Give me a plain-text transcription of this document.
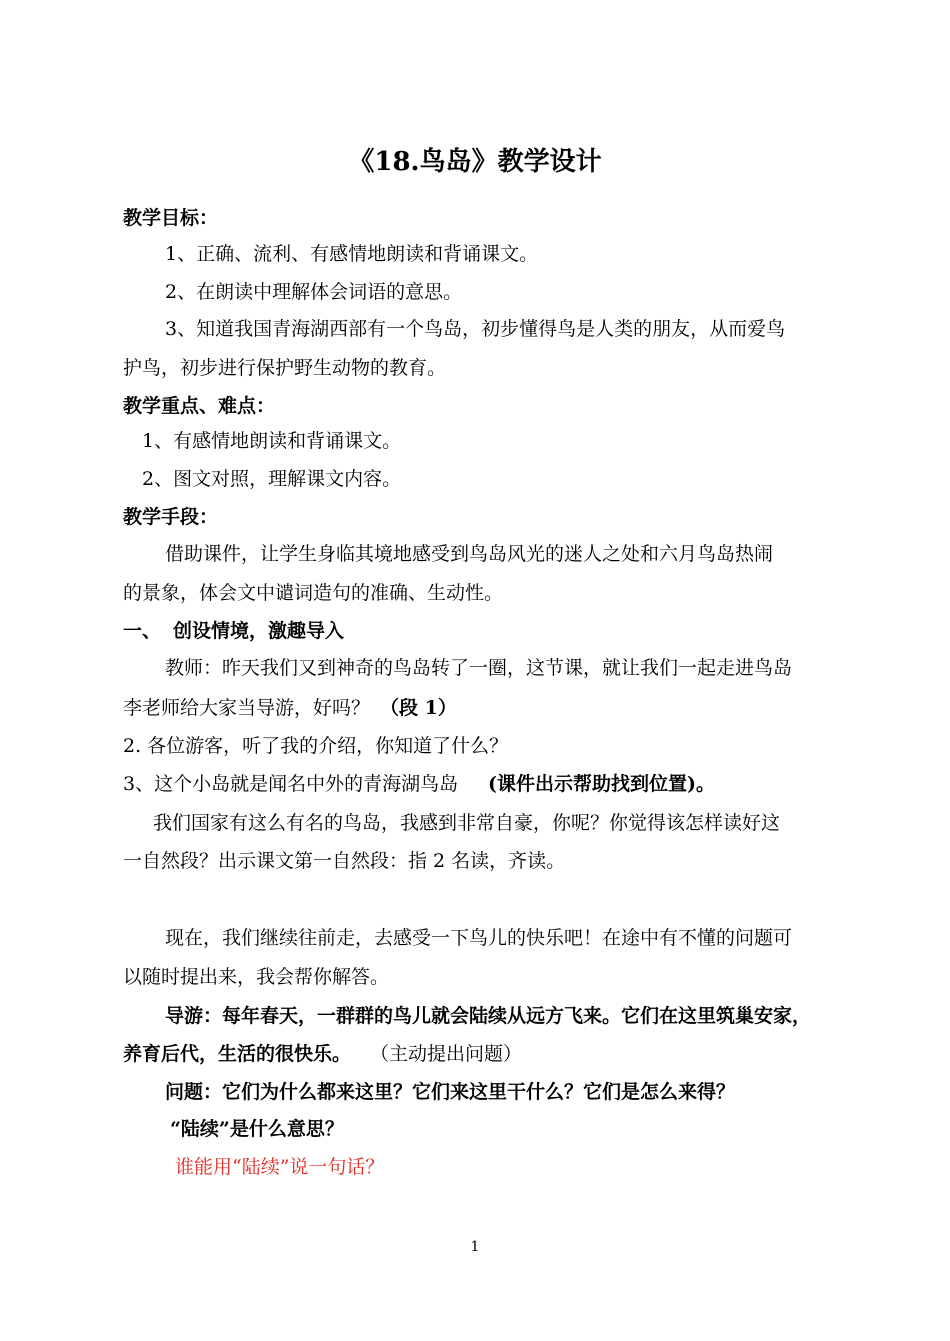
《18.鸟岛》教学设计
教学目标：
1、正确、流利、有感情地朗读和背诵课文。
2、在朗读中理解体会词语的意思。
3、知道我国青海湖西部有一个鸟岛，初步懂得鸟是人类的朋友，从而爱鸟
护鸟，初步进行保护野生动物的教育。
教学重点、难点：
1、有感情地朗读和背诵课文。
2、图文对照，理解课文内容。
教学手段：
借助课件，让学生身临其境地感受到鸟岛风光的迷人之处和六月鸟岛热闹
的景象，体会文中谴词造句的准确、生动性。
一、 创设情境，激趣导入
教师：昨天我们又到神奇的鸟岛转了一圈，这节课，就让我们一起走进鸟岛
李老师给大家当导游，好吗？ （段 1）
2. 各位游客，听了我的介绍，你知道了什么？
3、这个小岛就是闻名中外的青海湖鸟岛 (课件出示帮助找到位置)。
我们国家有这么有名的鸟岛，我感到非常自豪，你呢？你觉得该怎样读好这
一自然段？出示课文第一自然段：指 2 名读，齐读。
现在，我们继续往前走，去感受一下鸟儿的快乐吧！在途中有不懂的问题可
以随时提出来，我会帮你解答。
导游：每年春天，一群群的鸟儿就会陆续从远方飞来。它们在这里筑巢安家，
养育后代，生活的很快乐。 （主动提出问题）
问题：它们为什么都来这里？它们来这里干什么？它们是怎么来得？
“陆续”是什么意思？
谁能用“陆续”说一句话？
1
